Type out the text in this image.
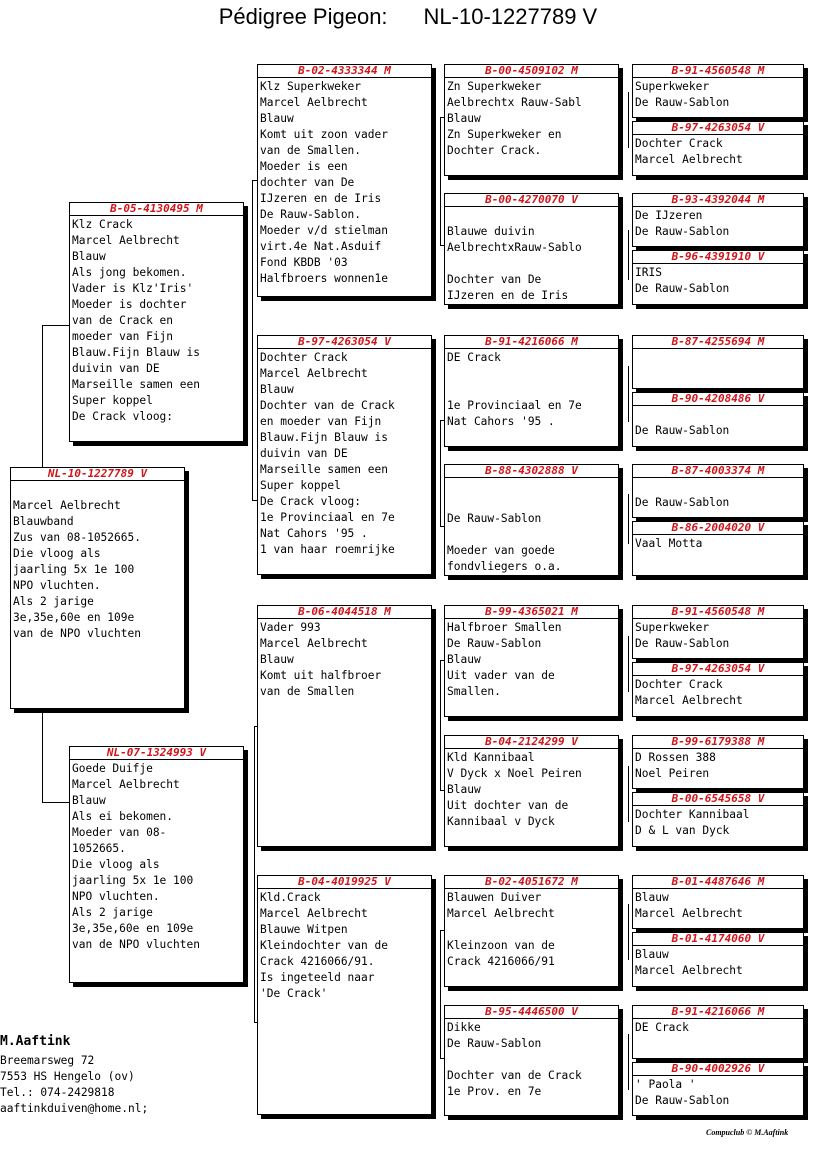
Pédigree Pigeon: NL-10-1227789 V
NL-10-1227789 V

Marcel Aelbrecht
Blauwband
Zus van 08-1052665.
Die vloog als
jaarling 5x 1e 100
NPO vluchten.
Als 2 jarige
3e,35e,60e en 109e
van de NPO vluchten
B-05-4130495 M
Klz Crack
Marcel Aelbrecht
Blauw
Als jong bekomen.
Vader is Klz'Iris'
Moeder is dochter
van de Crack en
moeder van Fijn
Blauw.Fijn Blauw is
duivin van DE
Marseille samen een
Super koppel
De Crack vloog:
NL-07-1324993 V
Goede Duifje
Marcel Aelbrecht
Blauw
Als ei bekomen.
Moeder van 08-
1052665.
Die vloog als
jaarling 5x 1e 100
NPO vluchten.
Als 2 jarige
3e,35e,60e en 109e
van de NPO vluchten
B-02-4333344 M
Klz Superkweker
Marcel Aelbrecht
Blauw
Komt uit zoon vader
van de Smallen.
Moeder is een
dochter van De
IJzeren en de Iris
De Rauw-Sablon.
Moeder v/d stielman
virt.4e Nat.Asduif
Fond KBDB '03
Halfbroers wonnen1e
B-97-4263054 V
Dochter Crack
Marcel Aelbrecht
Blauw
Dochter van de Crack
en moeder van Fijn
Blauw.Fijn Blauw is
duivin van DE
Marseille samen een
Super koppel
De Crack vloog:
1e Provinciaal en 7e
Nat Cahors '95 .
1 van haar roemrijke
B-06-4044518 M
Vader 993
Marcel Aelbrecht
Blauw
Komt uit halfbroer
van de Smallen
B-04-4019925 V
Kld.Crack
Marcel Aelbrecht
Blauwe Witpen
Kleindochter van de
Crack 4216066/91.
Is ingeteeld naar
'De Crack'
B-00-4509102 M
Zn Superkweker
Aelbrechtx Rauw-Sabl
Blauw
Zn Superkweker en
Dochter Crack.
B-00-4270070 V

Blauwe duivin
AelbrechtxRauw-Sablo

Dochter van De
IJzeren en de Iris
B-91-4216066 M
DE Crack

1e Provinciaal en 7e
Nat Cahors '95 .
B-88-4302888 V

De Rauw-Sablon

Moeder van goede
fondvliegers o.a.
B-99-4365021 M
Halfbroer Smallen
De Rauw-Sablon
Blauw
Uit vader van de
Smallen.
B-04-2124299 V
Kld Kannibaal
V Dyck x Noel Peiren
Blauw
Uit dochter van de
Kannibaal v Dyck
B-02-4051672 M
Blauwen Duiver
Marcel Aelbrecht

Kleinzoon van de
Crack 4216066/91
B-95-4446500 V
Dikke
De Rauw-Sablon

Dochter van de Crack
1e Prov. en 7e
B-91-4560548 M
Superkweker
De Rauw-Sablon
B-97-4263054 V
Dochter Crack
Marcel Aelbrecht
B-93-4392044 M
De IJzeren
De Rauw-Sablon
B-96-4391910 V
IRIS
De Rauw-Sablon
B-87-4255694 M

B-90-4208486 V

De Rauw-Sablon
B-87-4003374 M

De Rauw-Sablon
B-86-2004020 V
Vaal Motta

B-91-4560548 M
Superkweker
De Rauw-Sablon
B-97-4263054 V
Dochter Crack
Marcel Aelbrecht
B-99-6179388 M
D Rossen 388
Noel Peiren
B-00-6545658 V
Dochter Kannibaal
D & L van Dyck
B-01-4487646 M
Blauw
Marcel Aelbrecht
B-01-4174060 V
Blauw
Marcel Aelbrecht
B-91-4216066 M
DE Crack

B-90-4002926 V
' Paola '
De Rauw-Sablon
M.Aaftink
Breemarsweg 72
7553 HS Hengelo (ov)
Tel.: 074-2429818
aaftinkduiven@home.nl;
Compuclub © M.Aaftink
